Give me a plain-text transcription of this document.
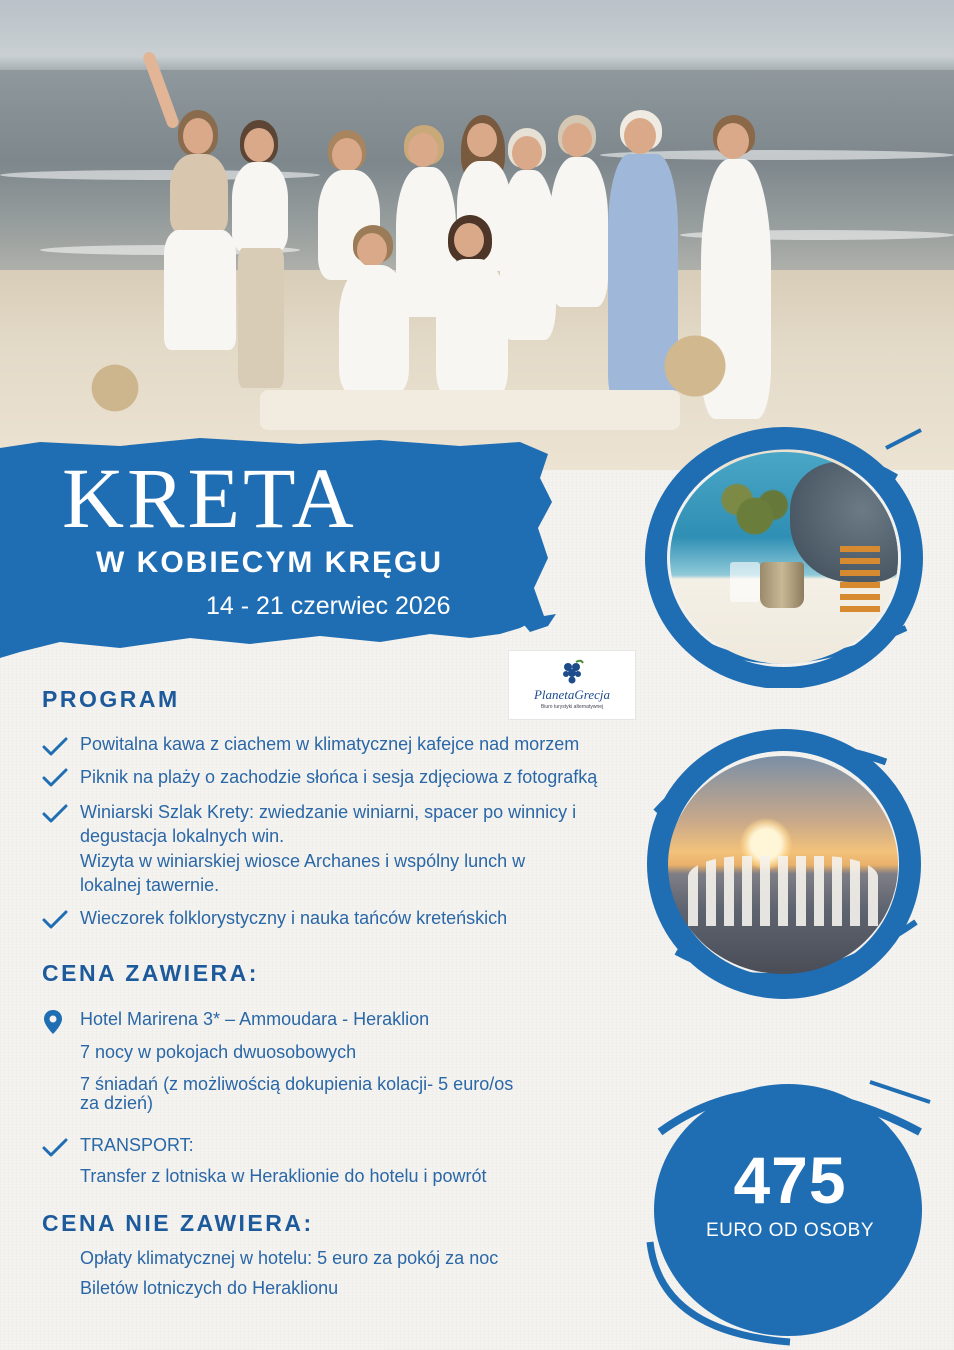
KRETA
W KOBIECYM KRĘGU
14 - 21 czerwiec 2026
PlanetaGrecja
Biuro turystyki alternatywnej
PROGRAM
Powitalna kawa z ciachem w klimatycznej kafejce nad morzem
Piknik na plaży o zachodzie słońca i sesja zdjęciowa z fotografką
Winiarski Szlak Krety: zwiedzanie winiarni, spacer po winnicy i
degustacja lokalnych win.
Wizyta w winiarskiej wiosce Archanes i wspólny lunch w
lokalnej tawernie.
Wieczorek folklorystyczny i nauka tańców kreteńskich
CENA ZAWIERA:
Hotel Marirena 3* – Ammoudara - Heraklion
7 nocy w pokojach dwuosobowych
7 śniadań (z możliwością dokupienia kolacji- 5 euro/os
za dzień)
TRANSPORT:
Transfer z lotniska w Heraklionie do hotelu i powrót
CENA NIE ZAWIERA:
Opłaty klimatycznej w hotelu: 5 euro za pokój za noc
Biletów lotniczych do Heraklionu
475
EURO OD OSOBY
